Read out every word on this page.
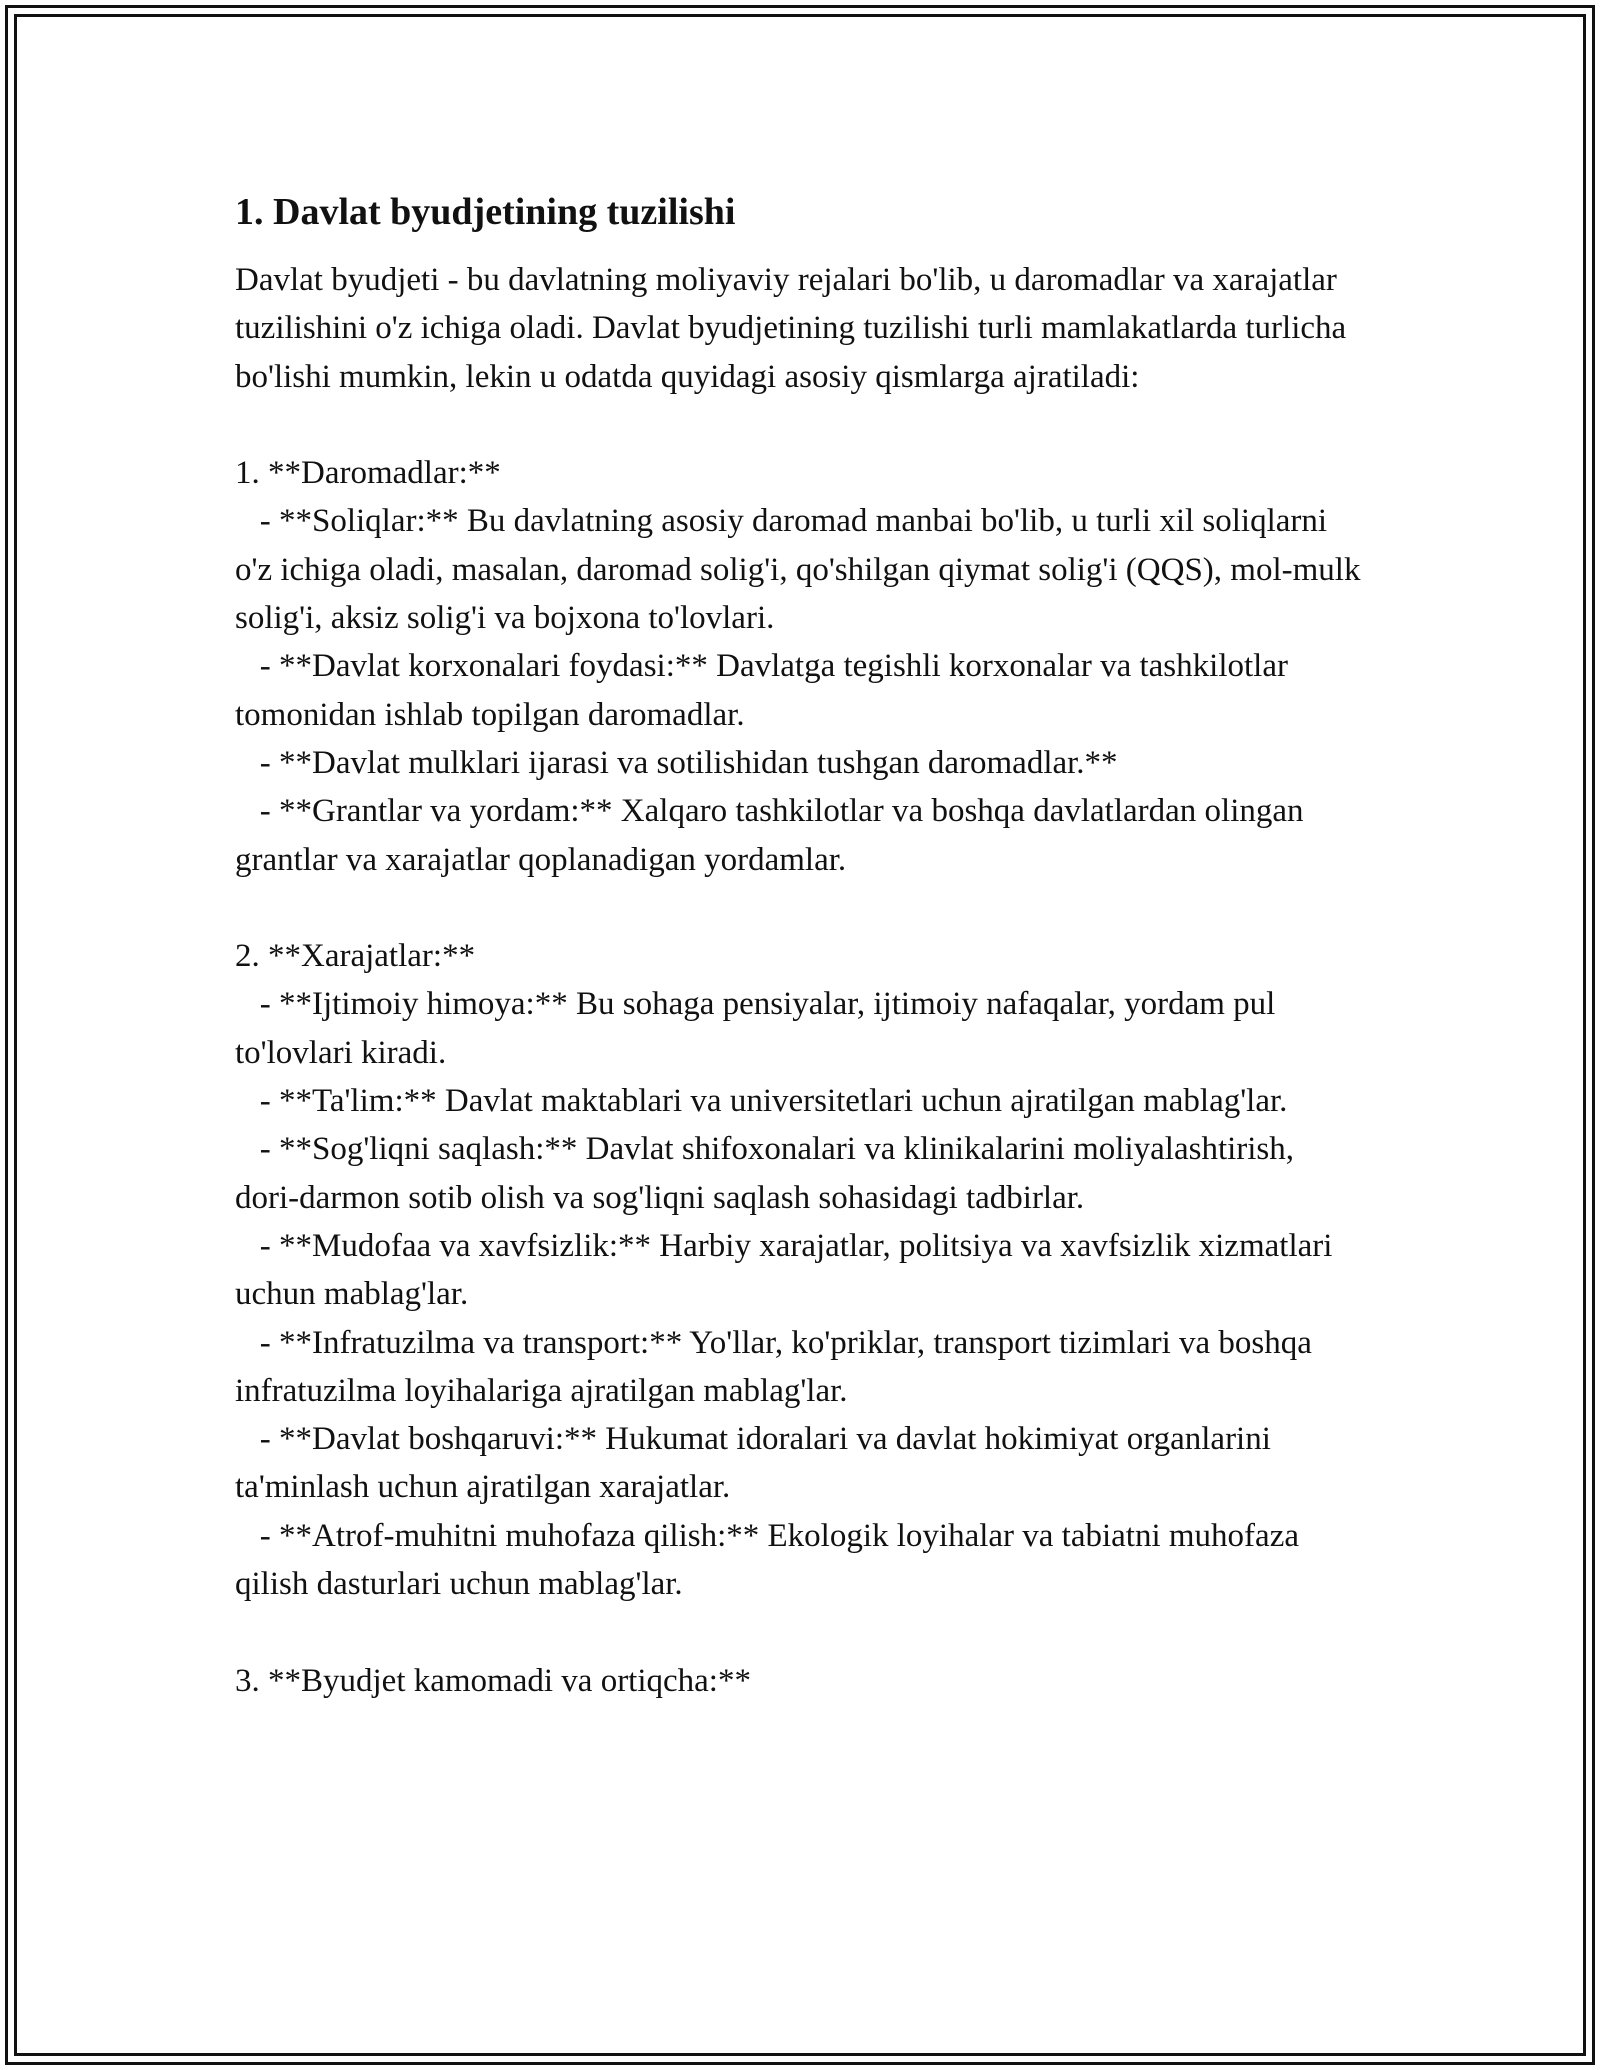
1. Davlat byudjetining tuzilishi

Davlat byudjeti - bu davlatning moliyaviy rejalari bo'lib, u daromadlar va xarajatlar tuzilishini o'z ichiga oladi. Davlat byudjetining tuzilishi turli mamlakatlarda turlicha bo'lishi mumkin, lekin u odatda quyidagi asosiy qismlarga ajratiladi:

1. **Daromadlar:**

- **Soliqlar:** Bu davlatning asosiy daromad manbai bo'lib, u turli xil soliqlarni o'z ichiga oladi, masalan, daromad solig'i, qo'shilgan qiymat solig'i (QQS), mol-mulk solig'i, aksiz solig'i va bojxona to'lovlari.

- **Davlat korxonalari foydasi:** Davlatga tegishli korxonalar va tashkilotlar tomonidan ishlab topilgan daromadlar.

- **Davlat mulklari ijarasi va sotilishidan tushgan daromadlar.**

- **Grantlar va yordam:** Xalqaro tashkilotlar va boshqa davlatlardan olingan grantlar va xarajatlar qoplanadigan yordamlar.

2. **Xarajatlar:**

- **Ijtimoiy himoya:** Bu sohaga pensiyalar, ijtimoiy nafaqalar, yordam pul to'lovlari kiradi.

- **Ta'lim:** Davlat maktablari va universitetlari uchun ajratilgan mablag'lar.

- **Sog'liqni saqlash:** Davlat shifoxonalari va klinikalarini moliyalashtirish, dori-darmon sotib olish va sog'liqni saqlash sohasidagi tadbirlar.

- **Mudofaa va xavfsizlik:** Harbiy xarajatlar, politsiya va xavfsizlik xizmatlari uchun mablag'lar.

- **Infratuzilma va transport:** Yo'llar, ko'priklar, transport tizimlari va boshqa infratuzilma loyihalariga ajratilgan mablag'lar.

- **Davlat boshqaruvi:** Hukumat idoralari va davlat hokimiyat organlarini ta'minlash uchun ajratilgan xarajatlar.

- **Atrof-muhitni muhofaza qilish:** Ekologik loyihalar va tabiatni muhofaza qilish dasturlari uchun mablag'lar.

3. **Byudjet kamomadi va ortiqcha:**
